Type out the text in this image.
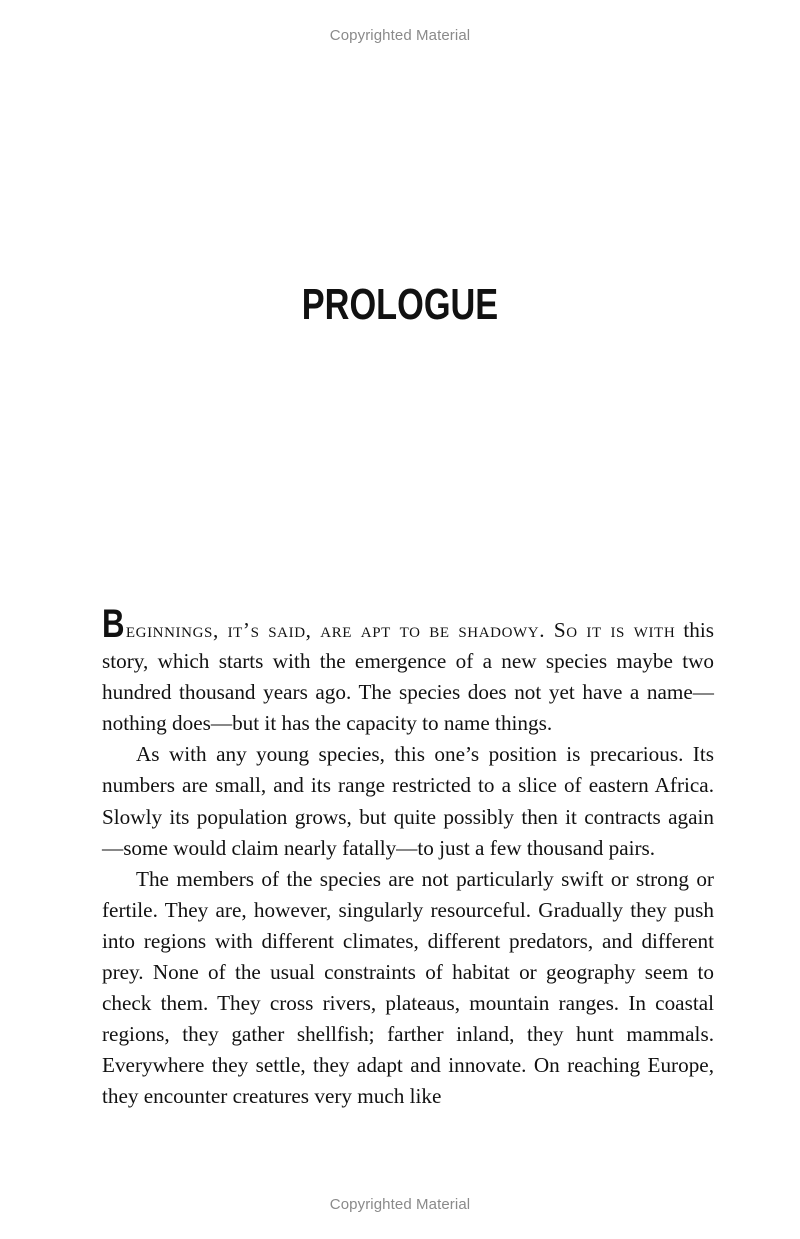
Copyrighted Material
PROLOGUE

Beginnings, it’s said, are apt to be shadowy. So it is with this story, which starts with the emergence of a new species maybe two hundred thousand years ago. The species does not yet have a name—nothing does—but it has the capacity to name things.

As with any young species, this one’s position is precarious. Its numbers are small, and its range restricted to a slice of eastern Africa. Slowly its population grows, but quite possibly then it contracts again—some would claim nearly fatally—to just a few thousand pairs.

The members of the species are not particularly swift or strong or fertile. They are, however, singularly resourceful. Gradually they push into regions with different climates, different predators, and different prey. None of the usual constraints of habitat or geography seem to check them. They cross rivers, plateaus, mountain ranges. In coastal regions, they gather shellfish; farther inland, they hunt mammals. Everywhere they settle, they adapt and innovate. On reaching Europe, they encounter creatures very much like

Copyrighted Material
